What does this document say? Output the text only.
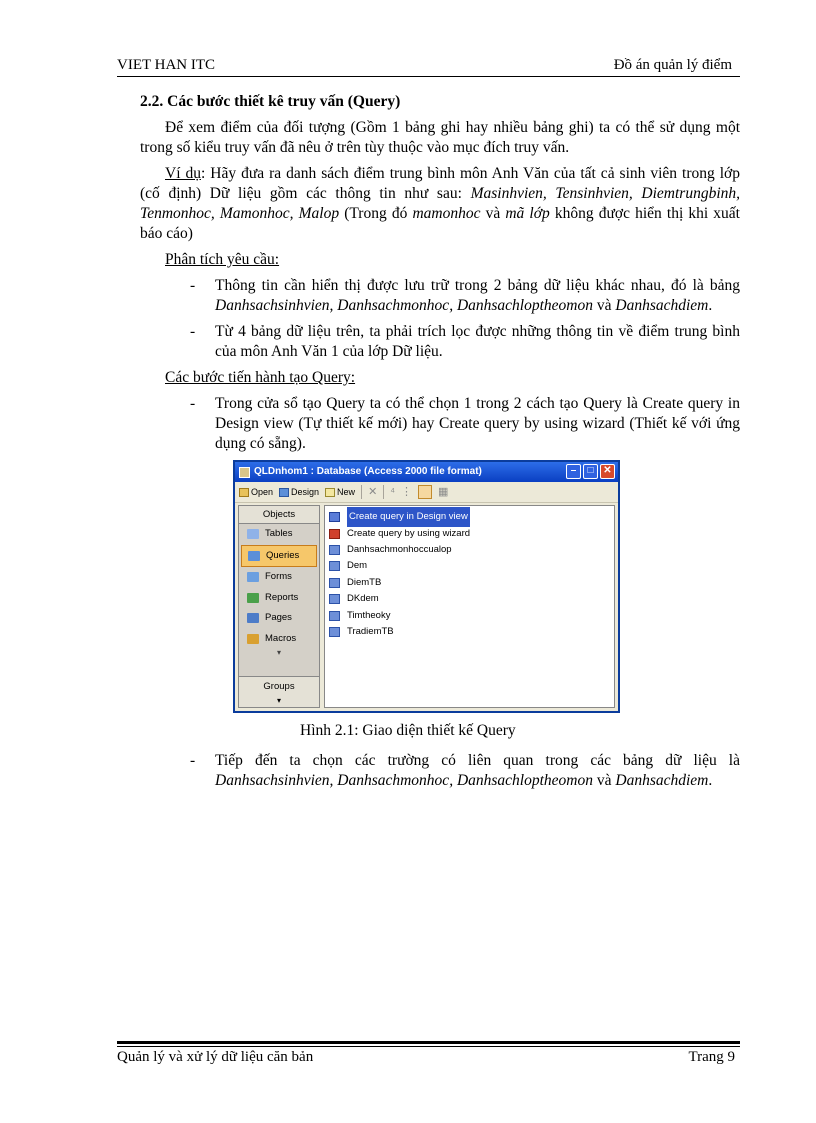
VIET HAN ITC	Đồ án quản lý điểm
2.2. Các bước thiết kê truy vấn (Query)

Để xem điểm của đối tượng (Gồm 1 bảng ghi hay nhiều bảng ghi) ta có thể sử dụng một trong số kiểu truy vấn đã nêu ở trên tùy thuộc vào mục đích truy vấn.

Ví dụ: Hãy đưa ra danh sách điểm trung bình môn Anh Văn của tất cả sinh viên trong lớp (cố định) Dữ liệu gồm các thông tin như sau: Masinhvien, Tensinhvien, Diemtrungbinh, Tenmonhoc, Mamonhoc, Malop (Trong đó mamonhoc và mã lớp không được hiển thị khi xuất báo cáo)

Phân tích yêu cầu:
- Thông tin cần hiển thị được lưu trữ trong 2 bảng dữ liệu khác nhau, đó là bảng Danhsachsinhvien, Danhsachmonhoc, Danhsachloptheomon và Danhsachdiem.
- Từ 4 bảng dữ liệu trên, ta phải trích lọc được những thông tin về điểm trung bình của môn Anh Văn 1 của lớp Dữ liệu.
Các bước tiến hành tạo Query:
- Trong cửa sổ tạo Query ta có thể chọn 1 trong 2 cách tạo Query là Create query in Design view (Tự thiết kế mới) hay Create query by using wizard (Thiết kế với ứng dụng có sẵng).
QLDnhom1 : Database (Access 2000 file format)	–	□ ✕
Open Design New ✕ ⁴ ⋮ ▦
Objects
Tables
Queries
Forms
Reports
Pages
Macros
▾
Groups
▾
Create query in Design view
Create query by using wizard
Danhsachmonhoccualop
Dem
DiemTB
DKdem
Timtheoky
TradiemTB
Hình 2.1: Giao diện thiết kế Query
- Tiếp đến ta chọn các trường có liên quan trong các bảng dữ liệu là Danhsachsinhvien, Danhsachmonhoc, Danhsachloptheomon và Danhsachdiem.
Quản lý và xử lý dữ liệu căn bản	Trang 9
